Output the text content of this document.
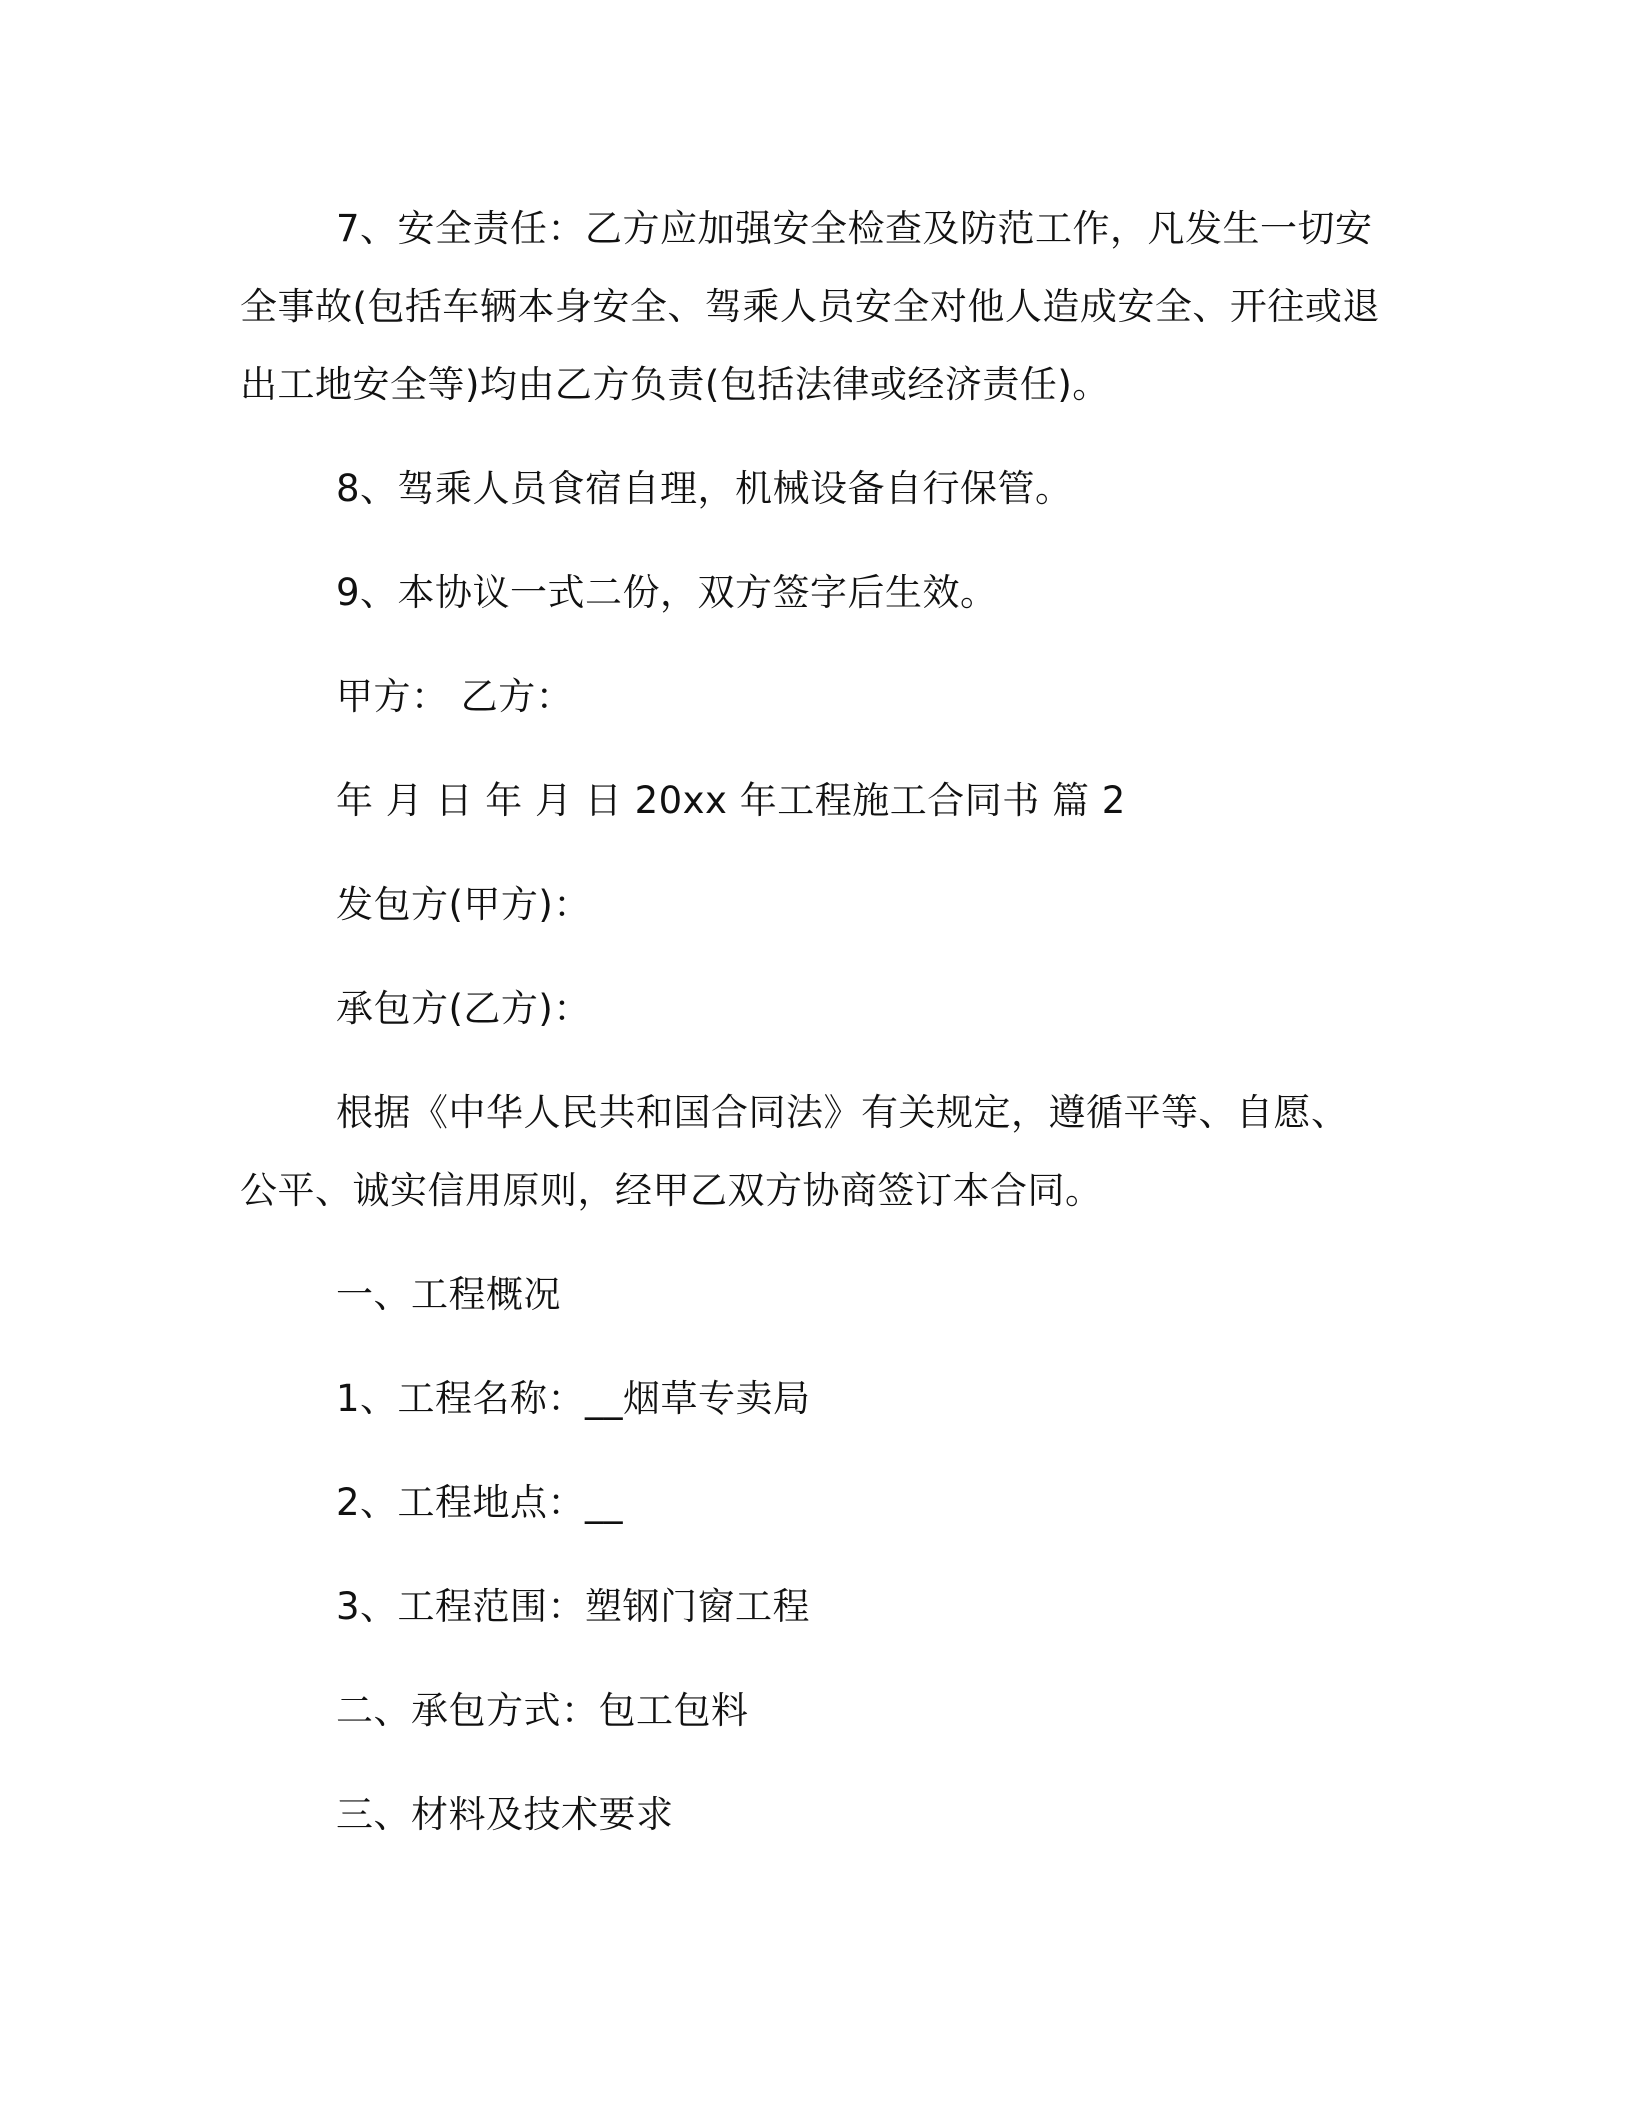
7、安全责任：乙方应加强安全检查及防范工作，凡发生一切安全事故(包括车辆本身安全、驾乘人员安全对他人造成安全、开往或退出工地安全等)均由乙方负责(包括法律或经济责任)。

8、驾乘人员食宿自理，机械设备自行保管。

9、本协议一式二份，双方签字后生效。

甲方： 乙方：

年 月 日 年 月 日 20xx 年工程施工合同书 篇 2

发包方(甲方)：

承包方(乙方)：

根据《中华人民共和国合同法》有关规定，遵循平等、自愿、公平、诚实信用原则，经甲乙双方协商签订本合同。

一、工程概况

1、工程名称：__烟草专卖局

2、工程地点：__

3、工程范围：塑钢门窗工程

二、承包方式：包工包料

三、材料及技术要求
